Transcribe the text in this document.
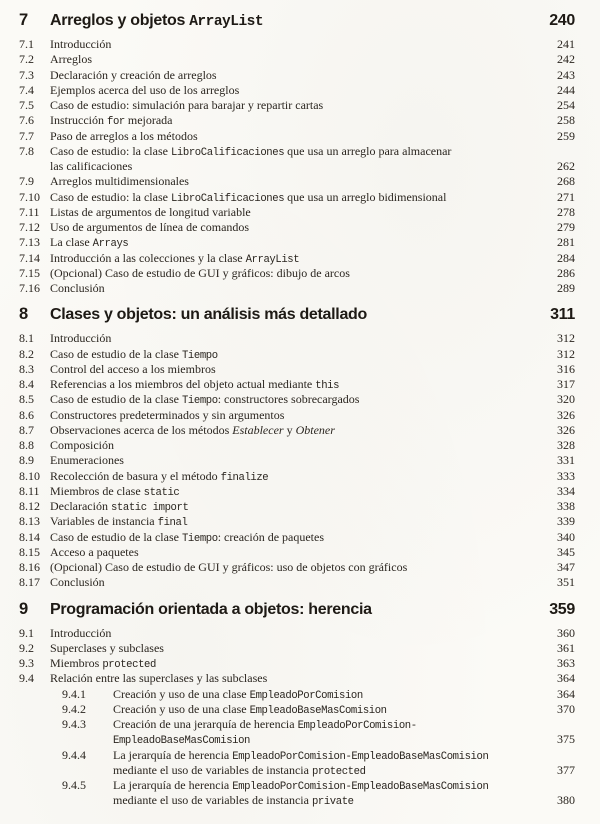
7 Arreglos y objetos ArrayList	240
7.1 Introducción	241
7.2 Arreglos	242
7.3 Declaración y creación de arreglos	243
7.4 Ejemplos acerca del uso de los arreglos	244
7.5 Caso de estudio: simulación para barajar y repartir cartas	254
7.6 Instrucción for mejorada	258
7.7 Paso de arreglos a los métodos	259
7.8 Caso de estudio: la clase LibroCalificaciones que usa un arreglo para almacenar
las calificaciones	262
7.9 Arreglos multidimensionales	268
7.10 Caso de estudio: la clase LibroCalificaciones que usa un arreglo bidimensional	271
7.11 Listas de argumentos de longitud variable	278
7.12 Uso de argumentos de línea de comandos	279
7.13 La clase Arrays	281
7.14 Introducción a las colecciones y la clase ArrayList	284
7.15 (Opcional) Caso de estudio de GUI y gráficos: dibujo de arcos	286
7.16 Conclusión	289
8 Clases y objetos: un análisis más detallado	311
8.1 Introducción	312
8.2 Caso de estudio de la clase Tiempo	312
8.3 Control del acceso a los miembros	316
8.4 Referencias a los miembros del objeto actual mediante this	317
8.5 Caso de estudio de la clase Tiempo: constructores sobrecargados	320
8.6 Constructores predeterminados y sin argumentos	326
8.7 Observaciones acerca de los métodos Establecer y Obtener	326
8.8 Composición	328
8.9 Enumeraciones	331
8.10 Recolección de basura y el método finalize	333
8.11 Miembros de clase static	334
8.12 Declaración static import	338
8.13 Variables de instancia final	339
8.14 Caso de estudio de la clase Tiempo: creación de paquetes	340
8.15 Acceso a paquetes	345
8.16 (Opcional) Caso de estudio de GUI y gráficos: uso de objetos con gráficos	347
8.17 Conclusión	351
9 Programación orientada a objetos: herencia	359
9.1 Introducción	360
9.2 Superclases y subclases	361
9.3 Miembros protected	363
9.4 Relación entre las superclases y las subclases	364
9.4.1 Creación y uso de una clase EmpleadoPorComision	364
9.4.2 Creación y uso de una clase EmpleadoBaseMasComision	370
9.4.3 Creación de una jerarquía de herencia EmpleadoPorComision-
EmpleadoBaseMasComision	375
9.4.4 La jerarquía de herencia EmpleadoPorComision-EmpleadoBaseMasComision
mediante el uso de variables de instancia protected	377
9.4.5 La jerarquía de herencia EmpleadoPorComision-EmpleadoBaseMasComision
mediante el uso de variables de instancia private	380
